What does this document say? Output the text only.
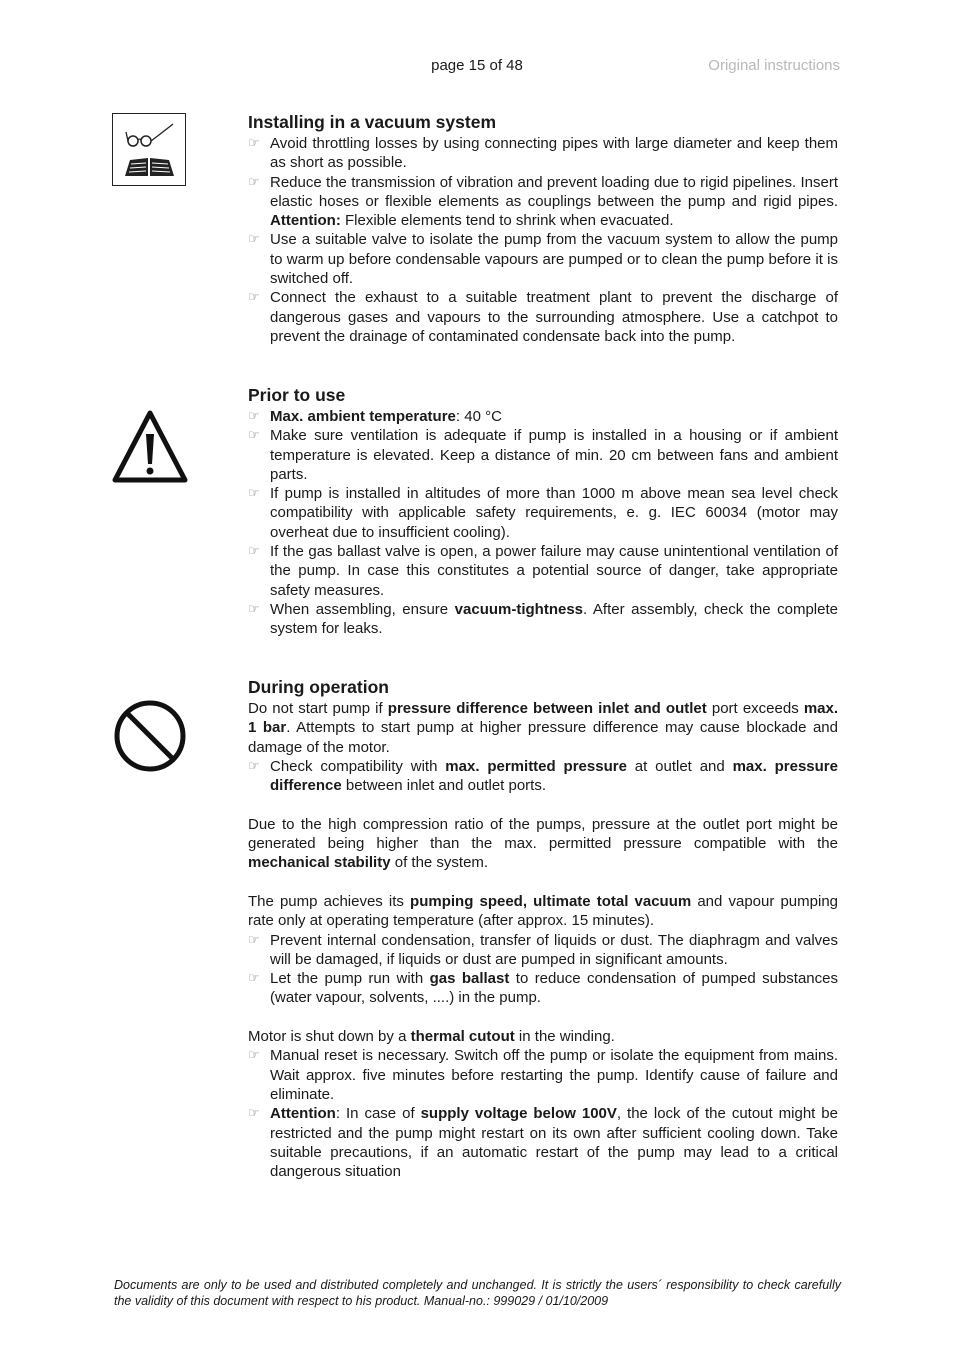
page 15 of 48	Original instructions
Installing in a vacuum system
☞ Avoid throttling losses by using connecting pipes with large diameter and keep them as short as possible.
☞ Reduce the transmission of vibration and prevent loading due to rigid pipelines. Insert elastic hoses or flexible elements as couplings between the pump and rigid pipes. Attention: Flexible elements tend to shrink when evacuated.
☞ Use a suitable valve to isolate the pump from the vacuum system to allow the pump to warm up before condensable vapours are pumped or to clean the pump before it is switched off.
☞ Connect the exhaust to a suitable treatment plant to prevent the discharge of dangerous gases and vapours to the surrounding atmosphere. Use a catchpot to prevent the drainage of contaminated condensate back into the pump.
Prior to use
☞ Max. ambient temperature: 40 °C
☞ Make sure ventilation is adequate if pump is installed in a housing or if ambient temperature is elevated. Keep a distance of min. 20 cm between fans and ambient parts.
☞ If pump is installed in altitudes of more than 1000 m above mean sea level check compatibility with applicable safety requirements, e. g. IEC 60034 (motor may overheat due to insufficient cooling).
☞ If the gas ballast valve is open, a power failure may cause unintentional ventilation of the pump. In case this constitutes a potential source of danger, take appropriate safety measures.
☞ When assembling, ensure vacuum-tightness. After assembly, check the complete system for leaks.
During operation

Do not start pump if pressure difference between inlet and outlet port exceeds max. 1 bar. Attempts to start pump at higher pressure difference may cause blockade and damage of the motor.

☞ Check compatibility with max. permitted pressure at outlet and max. pressure difference between inlet and outlet ports.

Due to the high compression ratio of the pumps, pressure at the outlet port might be generated being higher than the max. permitted pressure compatible with the mechanical stability of the system.

The pump achieves its pumping speed, ultimate total vacuum and vapour pumping rate only at operating temperature (after approx. 15 minutes).

☞ Prevent internal condensation, transfer of liquids or dust. The diaphragm and valves will be damaged, if liquids or dust are pumped in significant amounts.
☞ Let the pump run with gas ballast to reduce condensation of pumped substances (water vapour, solvents, ....) in the pump.

Motor is shut down by a thermal cutout in the winding.

☞ Manual reset is necessary. Switch off the pump or isolate the equipment from mains. Wait approx. five minutes before restarting the pump. Identify cause of failure and eliminate.
☞ Attention: In case of supply voltage below 100V, the lock of the cutout might be restricted and the pump might restart on its own after sufficient cooling down. Take suitable precautions, if an automatic restart of the pump may lead to a critical dangerous situation
Documents are only to be used and distributed completely and unchanged. It is strictly the users´ responsibility to check carefully the validity of this document with respect to his product. Manual-no.: 999029 / 01/10/2009
